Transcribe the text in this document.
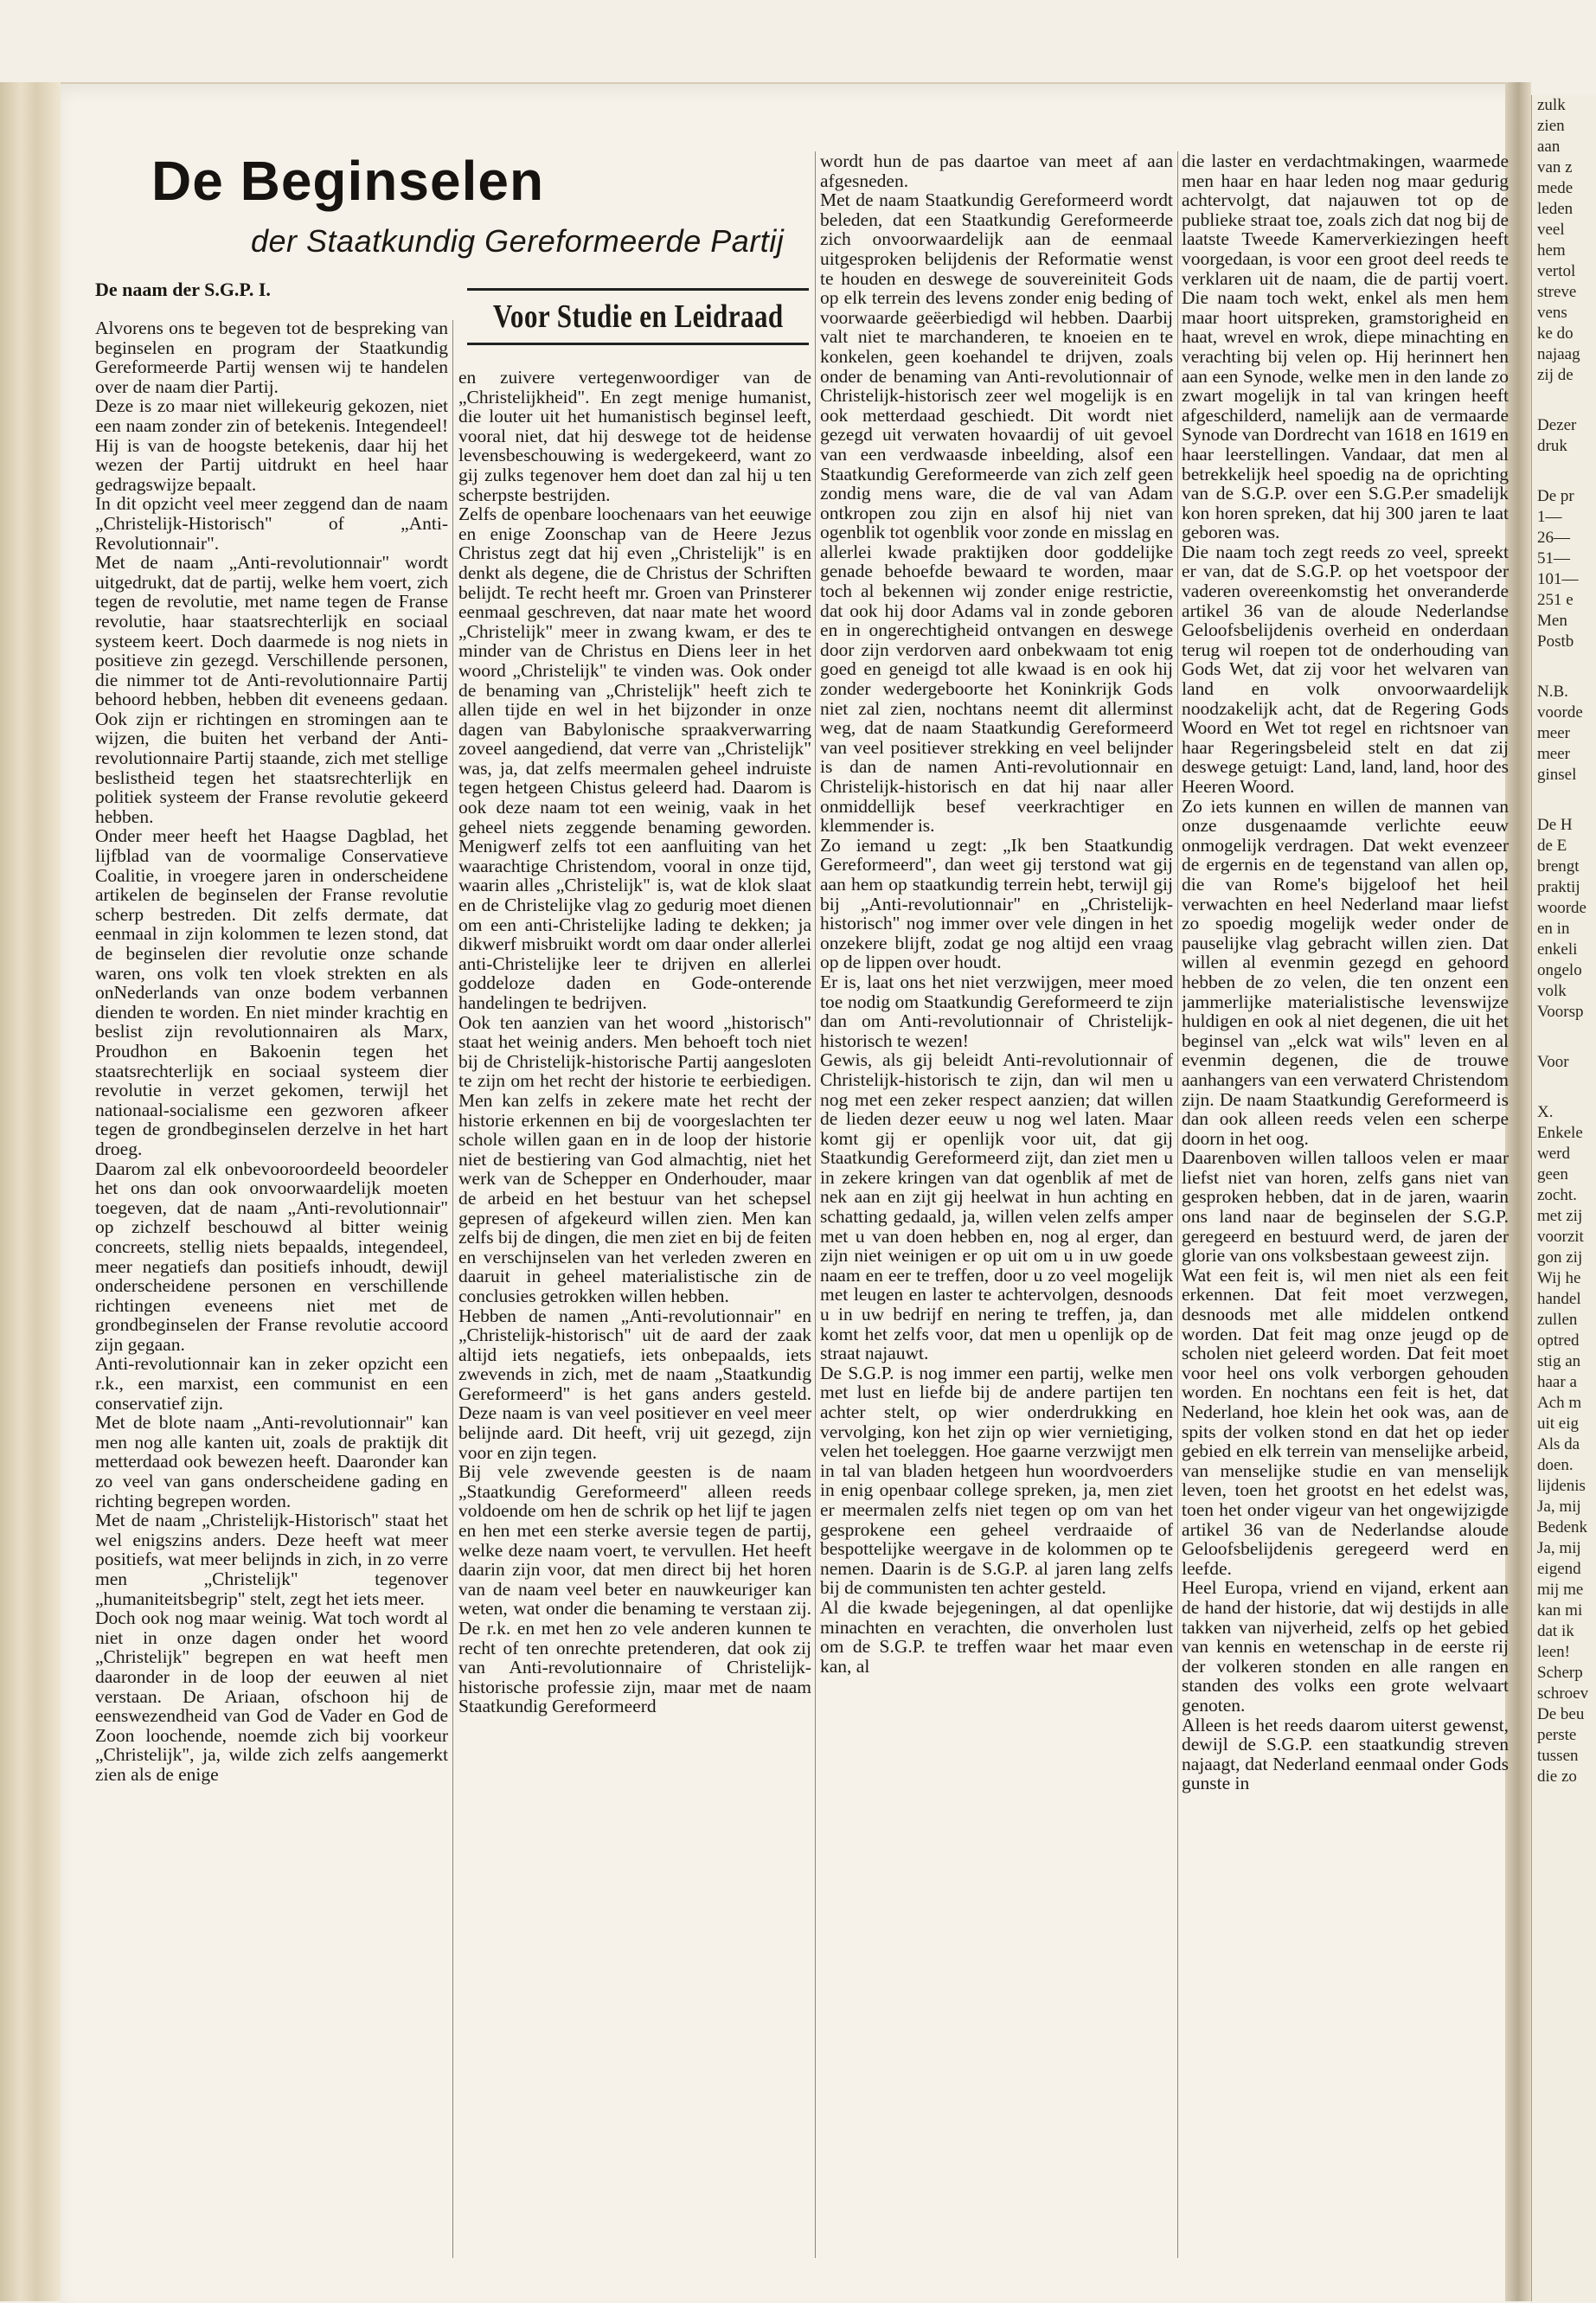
De Beginselen
der Staatkundig Gereformeerde Partij
De naam der S.G.P. I.
Voor Studie en Leidraad

Alvorens ons te begeven tot de bespreking van beginselen en program der Staatkundig Gereformeerde Partij wensen wij te handelen over de naam dier Partij.

Deze is zo maar niet willekeurig gekozen, niet een naam zonder zin of betekenis. Integendeel! Hij is van de hoogste betekenis, daar hij het wezen der Partij uitdrukt en heel haar gedragswijze bepaalt.

In dit opzicht veel meer zeggend dan de naam „Christelijk-Historisch" of „Anti-Revolutionnair".

Met de naam „Anti-revolutionnair" wordt uitgedrukt, dat de partij, welke hem voert, zich tegen de revolutie, met name tegen de Franse revolutie, haar staatsrechterlijk en sociaal systeem keert. Doch daarmede is nog niets in positieve zin gezegd. Verschillende personen, die nimmer tot de Anti-revolutionnaire Partij behoord hebben, hebben dit eveneens gedaan. Ook zijn er richtingen en stromingen aan te wijzen, die buiten het verband der Anti-revolutionnaire Partij staande, zich met stellige beslistheid tegen het staatsrechterlijk en politiek systeem der Franse revolutie gekeerd hebben.

Onder meer heeft het Haagse Dagblad, het lijfblad van de voormalige Conservatieve Coalitie, in vroegere jaren in onderscheidene artikelen de beginselen der Franse revolutie scherp bestreden. Dit zelfs dermate, dat eenmaal in zijn kolommen te lezen stond, dat de beginselen dier revolutie onze schande waren, ons volk ten vloek strekten en als onNederlands van onze bodem verbannen dienden te worden. En niet minder krachtig en beslist zijn revolutionnairen als Marx, Proudhon en Bakoenin tegen het staatsrechterlijk en sociaal systeem dier revolutie in verzet gekomen, terwijl het nationaal-socialisme een gezworen afkeer tegen de grondbeginselen derzelve in het hart droeg.

Daarom zal elk onbevooroordeeld beoordeler het ons dan ook onvoorwaardelijk moeten toegeven, dat de naam „Anti-revolutionnair" op zichzelf beschouwd al bitter weinig concreets, stellig niets bepaalds, integendeel, meer negatiefs dan positiefs inhoudt, dewijl onderscheidene personen en verschillende richtingen eveneens niet met de grondbeginselen der Franse revolutie accoord zijn gegaan.

Anti-revolutionnair kan in zeker opzicht een r.k., een marxist, een communist en een conservatief zijn.

Met de blote naam „Anti-revolutionnair" kan men nog alle kanten uit, zoals de praktijk dit metterdaad ook bewezen heeft. Daaronder kan zo veel van gans onderscheidene gading en richting begrepen worden.

Met de naam „Christelijk-Historisch" staat het wel enigszins anders. Deze heeft wat meer positiefs, wat meer belijnds in zich, in zo verre men „Christelijk" tegenover „humaniteitsbegrip" stelt, zegt het iets meer.

Doch ook nog maar weinig. Wat toch wordt al niet in onze dagen onder het woord „Christelijk" begrepen en wat heeft men daaronder in de loop der eeuwen al niet verstaan. De Ariaan, ofschoon hij de eenswezendheid van God de Vader en God de Zoon loochende, noemde zich bij voorkeur „Christelijk", ja, wilde zich zelfs aangemerkt zien als de enige

en zuivere vertegenwoordiger van de „Christelijkheid". En zegt menige humanist, die louter uit het humanistisch beginsel leeft, vooral niet, dat hij deswege tot de heidense levensbeschouwing is wedergekeerd, want zo gij zulks tegenover hem doet dan zal hij u ten scherpste bestrijden.

Zelfs de openbare loochenaars van het eeuwige en enige Zoonschap van de Heere Jezus Christus zegt dat hij even „Christelijk" is en denkt als degene, die de Christus der Schriften belijdt. Te recht heeft mr. Groen van Prinsterer eenmaal geschreven, dat naar mate het woord „Christelijk" meer in zwang kwam, er des te minder van de Christus en Diens leer in het woord „Christelijk" te vinden was. Ook onder de benaming van „Christelijk" heeft zich te allen tijde en wel in het bijzonder in onze dagen van Babylonische spraakverwarring zoveel aangediend, dat verre van „Christelijk" was, ja, dat zelfs meermalen geheel indruiste tegen hetgeen Chistus geleerd had. Daarom is ook deze naam tot een weinig, vaak in het geheel niets zeggende benaming geworden. Menigwerf zelfs tot een aanfluiting van het waarachtige Christendom, vooral in onze tijd, waarin alles „Christelijk" is, wat de klok slaat en de Christelijke vlag zo gedurig moet dienen om een anti-Christelijke lading te dekken; ja dikwerf misbruikt wordt om daar onder allerlei anti-Christelijke leer te drijven en allerlei goddeloze daden en Gode-onterende handelingen te bedrijven.

Ook ten aanzien van het woord „historisch" staat het weinig anders. Men behoeft toch niet bij de Christelijk-historische Partij aangesloten te zijn om het recht der historie te eerbiedigen. Men kan zelfs in zekere mate het recht der historie erkennen en bij de voorgeslachten ter schole willen gaan en in de loop der historie niet de bestiering van God almachtig, niet het werk van de Schepper en Onderhouder, maar de arbeid en het bestuur van het schepsel gepresen of afgekeurd willen zien. Men kan zelfs bij de dingen, die men ziet en bij de feiten en verschijnselen van het verleden zweren en daaruit in geheel materialistische zin de conclusies getrokken willen hebben.

Hebben de namen „Anti-revolutionnair" en „Christelijk-historisch" uit de aard der zaak altijd iets negatiefs, iets onbepaalds, iets zwevends in zich, met de naam „Staatkundig Gereformeerd" is het gans anders gesteld. Deze naam is van veel positiever en veel meer belijnde aard. Dit heeft, vrij uit gezegd, zijn voor en zijn tegen.

Bij vele zwevende geesten is de naam „Staatkundig Gereformeerd" alleen reeds voldoende om hen de schrik op het lijf te jagen en hen met een sterke aversie tegen de partij, welke deze naam voert, te vervullen. Het heeft daarin zijn voor, dat men direct bij het horen van de naam veel beter en nauwkeuriger kan weten, wat onder die benaming te verstaan zij. De r.k. en met hen zo vele anderen kunnen te recht of ten onrechte pretenderen, dat ook zij van Anti-revolutionnaire of Christelijk-historische professie zijn, maar met de naam Staatkundig Gereformeerd

wordt hun de pas daartoe van meet af aan afgesneden.

Met de naam Staatkundig Gereformeerd wordt beleden, dat een Staatkundig Gereformeerde zich onvoorwaardelijk aan de eenmaal uitgesproken belijdenis der Reformatie wenst te houden en deswege de souvereiniteit Gods op elk terrein des levens zonder enig beding of voorwaarde geëerbiedigd wil hebben. Daarbij valt niet te marchanderen, te knoeien en te konkelen, geen koehandel te drijven, zoals onder de benaming van Anti-revolutionnair of Christelijk-historisch zeer wel mogelijk is en ook metterdaad geschiedt. Dit wordt niet gezegd uit verwaten hovaardij of uit gevoel van een verdwaasde inbeelding, alsof een Staatkundig Gereformeerde van zich zelf geen zondig mens ware, die de val van Adam ontkropen zou zijn en alsof hij niet van ogenblik tot ogenblik voor zonde en misslag en allerlei kwade praktijken door goddelijke genade behoefde bewaard te worden, maar toch al bekennen wij zonder enige restrictie, dat ook hij door Adams val in zonde geboren en in ongerechtigheid ontvangen en deswege door zijn verdorven aard onbekwaam tot enig goed en geneigd tot alle kwaad is en ook hij zonder wedergeboorte het Koninkrijk Gods niet zal zien, nochtans neemt dit allerminst weg, dat de naam Staatkundig Gereformeerd van veel positiever strekking en veel belijnder is dan de namen Anti-revolutionnair en Christelijk-historisch en dat hij naar aller onmiddellijk besef veerkrachtiger en klemmender is.

Zo iemand u zegt: „Ik ben Staatkundig Gereformeerd", dan weet gij terstond wat gij aan hem op staatkundig terrein hebt, terwijl gij bij „Anti-revolutionnair" en „Christelijk-historisch" nog immer over vele dingen in het onzekere blijft, zodat ge nog altijd een vraag op de lippen over houdt.

Er is, laat ons het niet verzwijgen, meer moed toe nodig om Staatkundig Gereformeerd te zijn dan om Anti-revolutionnair of Christelijk-historisch te wezen!

Gewis, als gij beleidt Anti-revolutionnair of Christelijk-historisch te zijn, dan wil men u nog met een zeker respect aanzien; dat willen de lieden dezer eeuw u nog wel laten. Maar komt gij er openlijk voor uit, dat gij Staatkundig Gereformeerd zijt, dan ziet men u in zekere kringen van dat ogenblik af met de nek aan en zijt gij heelwat in hun achting en schatting gedaald, ja, willen velen zelfs amper met u van doen hebben en, nog al erger, dan zijn niet weinigen er op uit om u in uw goede naam en eer te treffen, door u zo veel mogelijk met leugen en laster te achtervolgen, desnoods u in uw bedrijf en nering te treffen, ja, dan komt het zelfs voor, dat men u openlijk op de straat najauwt.

De S.G.P. is nog immer een partij, welke men met lust en liefde bij de andere partijen ten achter stelt, op wier onderdrukking en vervolging, kon het zijn op wier vernietiging, velen het toeleggen. Hoe gaarne verzwijgt men in tal van bladen hetgeen hun woordvoerders in enig openbaar college spreken, ja, men ziet er meermalen zelfs niet tegen op om van het gesprokene een geheel verdraaide of bespottelijke weergave in de kolommen op te nemen. Daarin is de S.G.P. al jaren lang zelfs bij de communisten ten achter gesteld.

Al die kwade bejegeningen, al dat openlijke minachten en verachten, die onverholen lust om de S.G.P. te treffen waar het maar even kan, al

die laster en verdachtmakingen, waarmede men haar en haar leden nog maar gedurig achtervolgt, dat najauwen tot op de publieke straat toe, zoals zich dat nog bij de laatste Tweede Kamerverkiezingen heeft voorgedaan, is voor een groot deel reeds te verklaren uit de naam, die de partij voert. Die naam toch wekt, enkel als men hem maar hoort uitspreken, gramstorigheid en haat, wrevel en wrok, diepe minachting en verachting bij velen op. Hij herinnert hen aan een Synode, welke men in den lande zo zwart mogelijk in tal van kringen heeft afgeschilderd, namelijk aan de vermaarde Synode van Dordrecht van 1618 en 1619 en haar leerstellingen. Vandaar, dat men al betrekkelijk heel spoedig na de oprichting van de S.G.P. over een S.G.P.er smadelijk kon horen spreken, dat hij 300 jaren te laat geboren was.

Die naam toch zegt reeds zo veel, spreekt er van, dat de S.G.P. op het voetspoor der vaderen overeenkomstig het onveranderde artikel 36 van de aloude Nederlandse Geloofsbelijdenis overheid en onderdaan terug wil roepen tot de onderhouding van Gods Wet, dat zij voor het welvaren van land en volk onvoorwaardelijk noodzakelijk acht, dat de Regering Gods Woord en Wet tot regel en richtsnoer van haar Regeringsbeleid stelt en dat zij deswege getuigt: Land, land, land, hoor des Heeren Woord.

Zo iets kunnen en willen de mannen van onze dusgenaamde verlichte eeuw onmogelijk verdragen. Dat wekt evenzeer de ergernis en de tegenstand van allen op, die van Rome's bijgeloof het heil verwachten en heel Nederland maar liefst zo spoedig mogelijk weder onder de pauselijke vlag gebracht willen zien. Dat willen al evenmin gezegd en gehoord hebben de zo velen, die ten onzent een jammerlijke materialistische levenswijze huldigen en ook al niet degenen, die uit het beginsel van „elck wat wils" leven en al evenmin degenen, die de trouwe aanhangers van een verwaterd Christendom zijn. De naam Staatkundig Gereformeerd is dan ook alleen reeds velen een scherpe doorn in het oog.

Daarenboven willen talloos velen er maar liefst niet van horen, zelfs gans niet van gesproken hebben, dat in de jaren, waarin ons land naar de beginselen der S.G.P. geregeerd en bestuurd werd, de jaren der glorie van ons volksbestaan geweest zijn.

Wat een feit is, wil men niet als een feit erkennen. Dat feit moet verzwegen, desnoods met alle middelen ontkend worden. Dat feit mag onze jeugd op de scholen niet geleerd worden. Dat feit moet voor heel ons volk verborgen gehouden worden. En nochtans een feit is het, dat Nederland, hoe klein het ook was, aan de spits der volken stond en dat het op ieder gebied en elk terrein van menselijke arbeid, van menselijke studie en van menselijk leven, toen het grootst en het edelst was, toen het onder vigeur van het ongewijzigde artikel 36 van de Nederlandse aloude Geloofsbelijdenis geregeerd werd en leefde.

Heel Europa, vriend en vijand, erkent aan de hand der historie, dat wij destijds in alle takken van nijverheid, zelfs op het gebied van kennis en wetenschap in de eerste rij der volkeren stonden en alle rangen en standen des volks een grote welvaart genoten.

Alleen is het reeds daarom uiterst gewenst, dewijl de S.G.P. een staatkundig streven najaagt, dat Nederland eenmaal onder Gods gunste in

zulk
zien
aan
van z
mede
leden
veel
hem
vertol
streve
vens
ke do
najaag
zij de
Dezer
druk
De pr
1—
26—
51—
101—
251 e
Men
Postb
N.B.
voorde
meer
meer
ginsel
De H
de E
brengt
praktij
woorde
en in
enkeli
ongelo
volk
Voorsp
Voor
X.
Enkele
werd
geen
zocht.
met zij
voorzit
gon zij
Wij he
handel
zullen
optred
stig an
haar a
Ach m
uit eig
Als da
doen.
lijdenis
Ja, mij
Bedenk
Ja, mij
eigend
mij me
kan mi
dat ik
leen!
Scherp
schroev
De beu
perste
tussen
die zo
